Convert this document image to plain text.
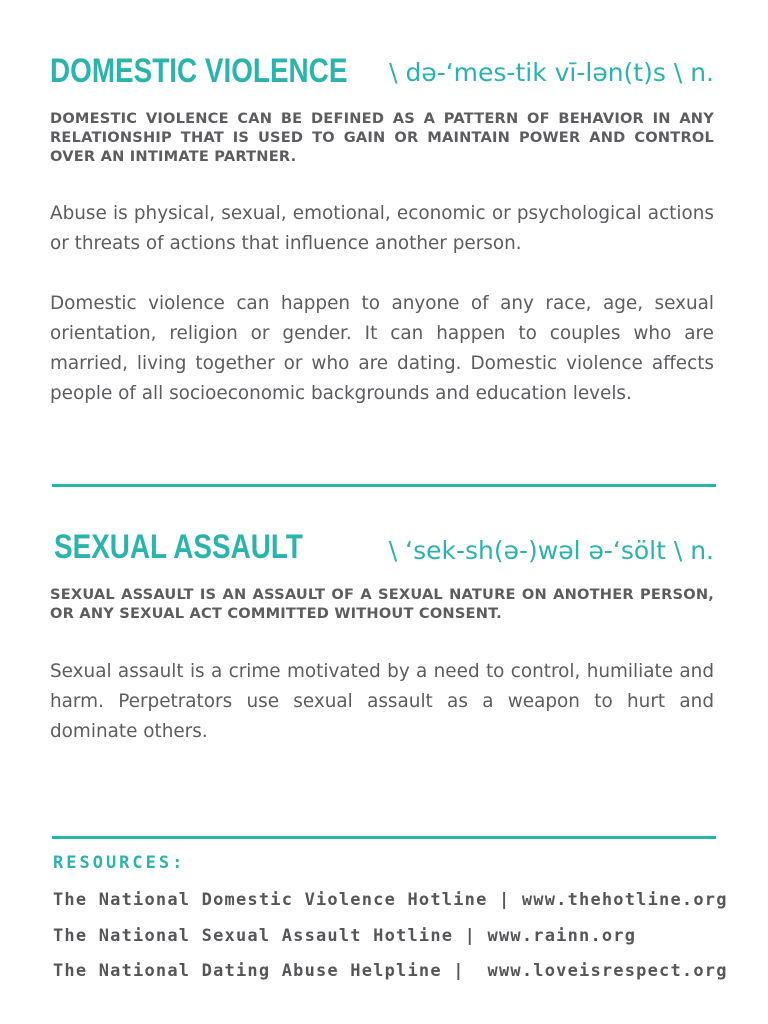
DOMESTIC VIOLENCE \ də-ʻmes-tik vī-lən(t)s \ n.
DOMESTIC VIOLENCE CAN BE DEFINED AS A PATTERN OF BEHAVIOR IN ANY RELATIONSHIP THAT IS USED TO GAIN OR MAINTAIN POWER AND CONTROL OVER AN INTIMATE PARTNER.

Abuse is physical, sexual, emotional, economic or psychological actions or threats of actions that influence another person.

Domestic violence can happen to anyone of any race, age, sexual orientation, religion or gender. It can happen to couples who are married, living together or who are dating. Domestic violence affects people of all socioeconomic backgrounds and education levels.

SEXUAL ASSAULT	\ ʻsek-sh(ə-)wəl ə-ʻsölt \ n.
SEXUAL ASSAULT IS AN ASSAULT OF A SEXUAL NATURE ON ANOTHER PERSON, OR ANY SEXUAL ACT COMMITTED WITHOUT CONSENT.

Sexual assault is a crime motivated by a need to control, humiliate and harm. Perpetrators use sexual assault as a weapon to hurt and dominate others.

RESOURCES:
The National Domestic Violence Hotline | www.thehotline.org
The National Sexual Assault Hotline | www.rainn.org
The National Dating Abuse Helpline |  www.loveisrespect.org
